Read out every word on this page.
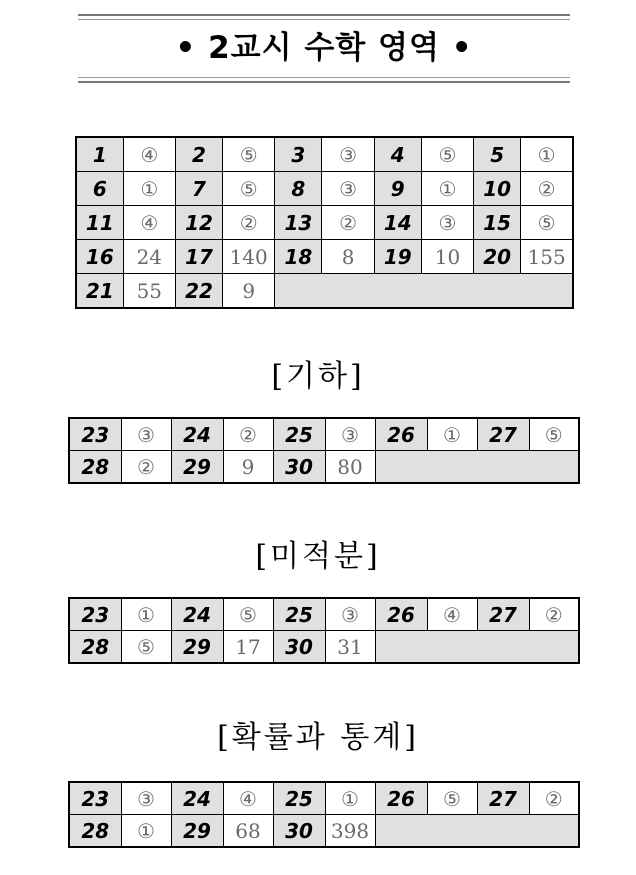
• 2교시 수학 영역 •
1	④	2	⑤	3	③	4	⑤	5	①
6	①	7	⑤	8	③	9	①	10	②
11	④	12	②	13	②	14	③	15	⑤
16	24	17	140	18	8	19	10	20	155
21	55	22	9						
[기하]
23	③	24	②	25	③	26	①	27	⑤
28	②	29	9	30	80				
[미적분]
23	①	24	⑤	25	③	26	④	27	②
28	⑤	29	17	30	31				
[확률과 통계]
23	③	24	④	25	①	26	⑤	27	②
28	①	29	68	30	398				
